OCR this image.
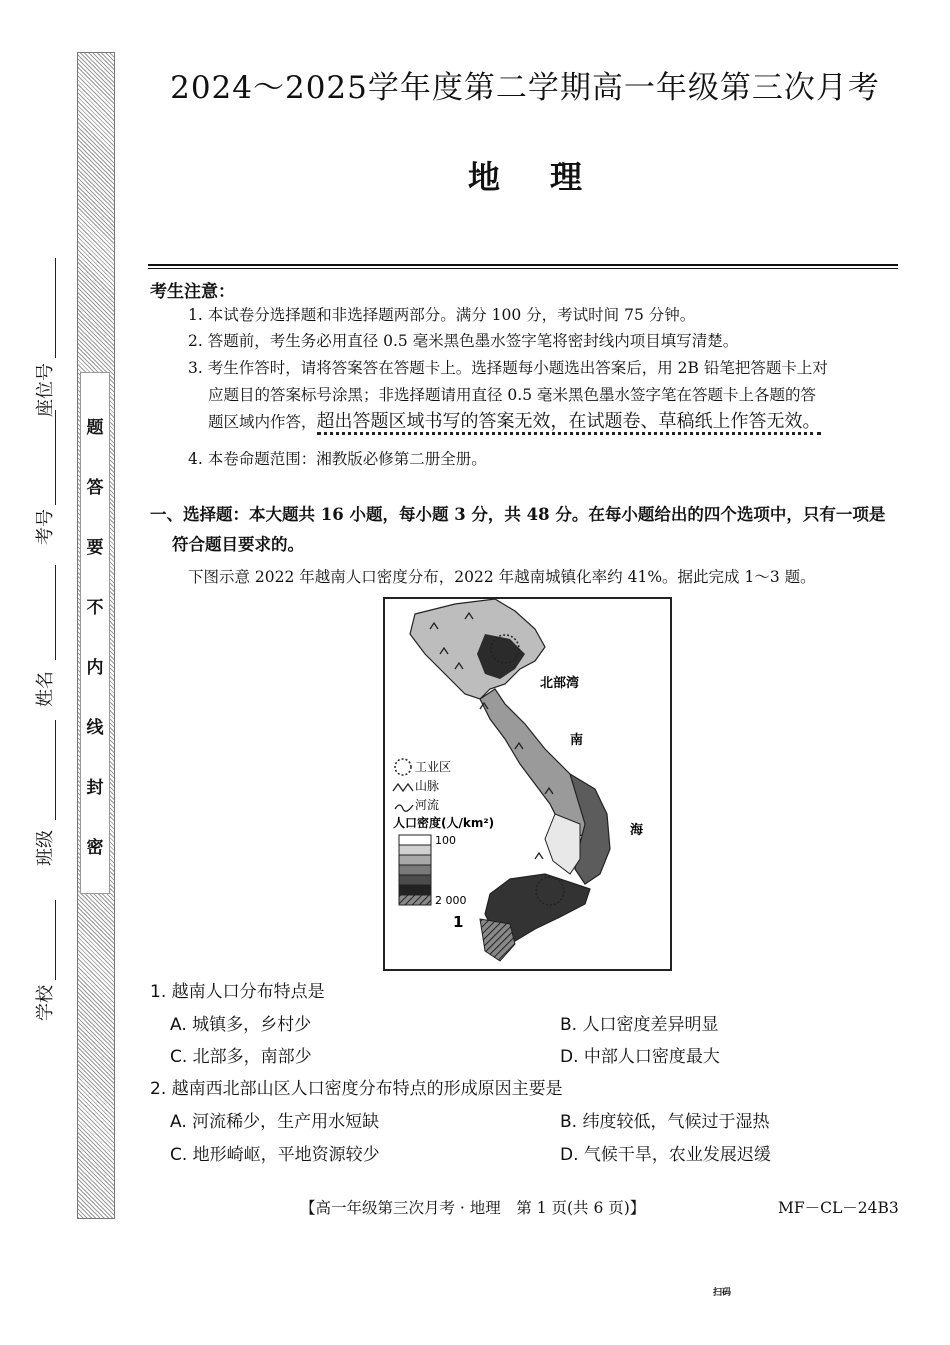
题
答
要
不
内
线
封
密
学校
班级
姓名
考号
座位号
2024～2025学年度第二学期高一年级第三次月考
地理
考生注意：
1. 本试卷分选择题和非选择题两部分。满分 100 分，考试时间 75 分钟。
2. 答题前，考生务必用直径 0.5 毫米黑色墨水签字笔将密封线内项目填写清楚。
3. 考生作答时，请将答案答在答题卡上。选择题每小题选出答案后，用 2B 铅笔把答题卡上对
应题目的答案标号涂黑；非选择题请用直径 0.5 毫米黑色墨水签字笔在答题卡上各题的答
题区域内作答，超出答题区域书写的答案无效，在试题卷、草稿纸上作答无效。
4. 本卷命题范围：湘教版必修第二册全册。
一、选择题：本大题共 16 小题，每小题 3 分，共 48 分。在每小题给出的四个选项中，只有一项是
符合题目要求的。
下图示意 2022 年越南人口密度分布，2022 年越南城镇化率约 41%。据此完成 1～3 题。
北部湾
南
海
工业区
山脉
河流
人口密度(人/km²)
100
2 000
1
1. 越南人口分布特点是
A. 城镇多，乡村少	B. 人口密度差异明显
C. 北部多，南部少	D. 中部人口密度最大
2. 越南西北部山区人口密度分布特点的形成原因主要是
A. 河流稀少，生产用水短缺	B. 纬度较低，气候过于湿热
C. 地形崎岖，平地资源较少	D. 气候干旱，农业发展迟缓
【高一年级第三次月考 · 地理　第 1 页(共 6 页)】	MF－CL－24B3
扫码
